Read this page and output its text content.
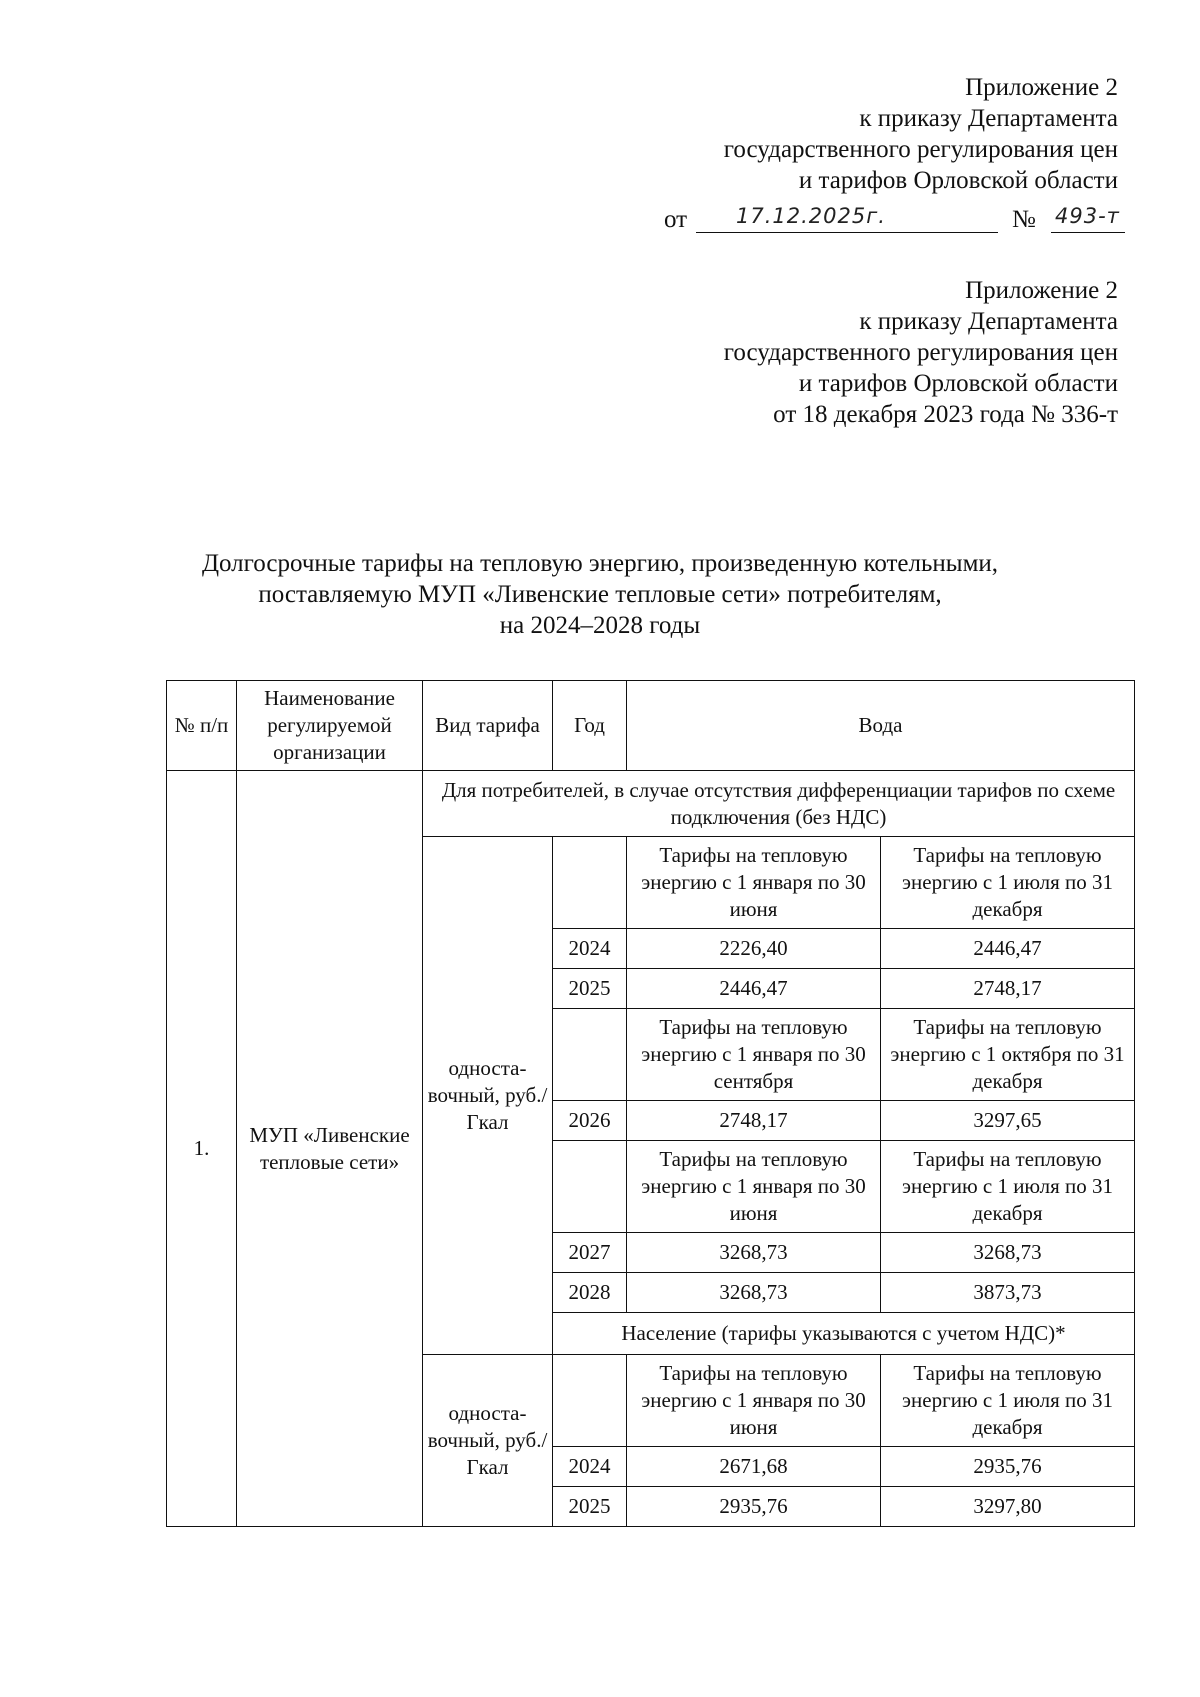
Приложение 2
к приказу Департамента
государственного регулирования цен
и тарифов Орловской области
от 17.12.2025г.	№ 493-т
Приложение 2
к приказу Департамента
государственного регулирования цен
и тарифов Орловской области
от 18 декабря 2023 года № 336-т
Долгосрочные тарифы на тепловую энергию, произведенную котельными,
поставляемую МУП «Ливенские тепловые сети» потребителям,
на 2024–2028 годы
№ п/п	Наименование регулируемой организации	Вид тарифа	Год	Вода	
1.	МУП «Ливенские тепловые сети»	Для потребителей, в случае отсутствия дифференциации тарифов по схеме подключения (без НДС)			
		односта-вочный, руб./Гкал		Тарифы на тепловую энергию с 1 января по 30 июня	Тарифы на тепловую энергию с 1 июля по 31 декабря
			2024	2226,40	2446,47
			2025	2446,47	2748,17
				Тарифы на тепловую энергию с 1 января по 30 сентября	Тарифы на тепловую энергию с 1 октября по 31 декабря
			2026	2748,17	3297,65
				Тарифы на тепловую энергию с 1 января по 30 июня	Тарифы на тепловую энергию с 1 июля по 31 декабря
			2027	3268,73	3268,73
			2028	3268,73	3873,73
			Население (тарифы указываются с учетом НДС)*		
		односта-вочный, руб./Гкал		Тарифы на тепловую энергию с 1 января по 30 июня	Тарифы на тепловую энергию с 1 июля по 31 декабря
			2024	2671,68	2935,76
			2025	2935,76	3297,80
